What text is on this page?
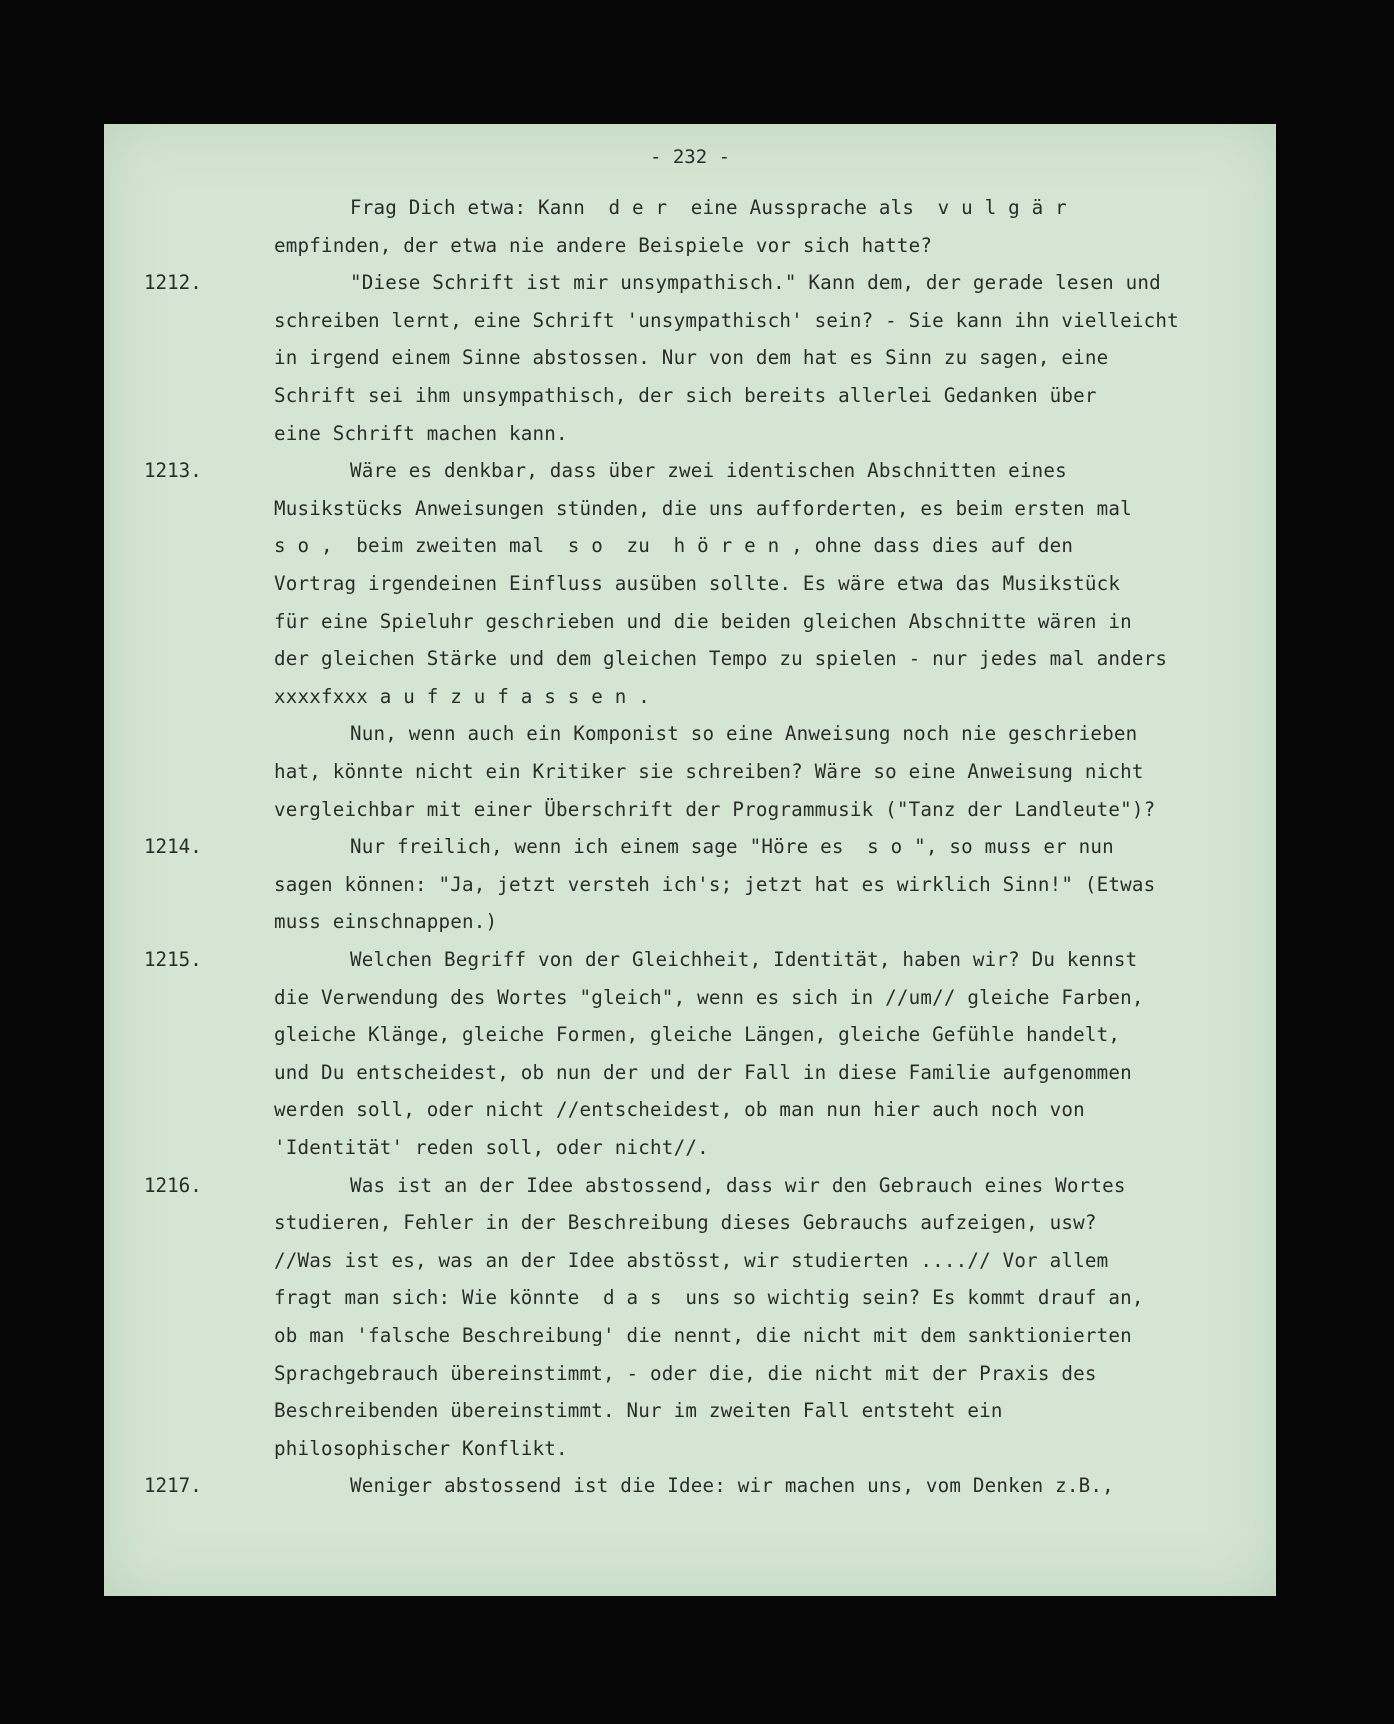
- 232 -
Frag Dich etwa: Kann  d e r  eine Aussprache als  v u l g ä r
empfinden, der etwa nie andere Beispiele vor sich hatte?
"Diese Schrift ist mir unsympathisch." Kann dem, der gerade lesen und
schreiben lernt, eine Schrift 'unsympathisch' sein? - Sie kann ihn vielleicht
in irgend einem Sinne abstossen. Nur von dem hat es Sinn zu sagen, eine
Schrift sei ihm unsympathisch, der sich bereits allerlei Gedanken über
eine Schrift machen kann.
Wäre es denkbar, dass über zwei identischen Abschnitten eines
Musikstücks Anweisungen stünden, die uns aufforderten, es beim ersten mal
s o ,  beim zweiten mal  s o  zu  h ö r e n , ohne dass dies auf den
Vortrag irgendeinen Einfluss ausüben sollte. Es wäre etwa das Musikstück
für eine Spieluhr geschrieben und die beiden gleichen Abschnitte wären in
der gleichen Stärke und dem gleichen Tempo zu spielen - nur jedes mal anders
xxxxfxxx a u f z u f a s s e n .
Nun, wenn auch ein Komponist so eine Anweisung noch nie geschrieben
hat, könnte nicht ein Kritiker sie schreiben? Wäre so eine Anweisung nicht
vergleichbar mit einer Überschrift der Programmusik ("Tanz der Landleute")?
Nur freilich, wenn ich einem sage "Höre es  s o ", so muss er nun
sagen können: "Ja, jetzt versteh ich's; jetzt hat es wirklich Sinn!" (Etwas
muss einschnappen.)
Welchen Begriff von der Gleichheit, Identität, haben wir? Du kennst
die Verwendung des Wortes "gleich", wenn es sich in //um// gleiche Farben,
gleiche Klänge, gleiche Formen, gleiche Längen, gleiche Gefühle handelt,
und Du entscheidest, ob nun der und der Fall in diese Familie aufgenommen
werden soll, oder nicht //entscheidest, ob man nun hier auch noch von
'Identität' reden soll, oder nicht//.
Was ist an der Idee abstossend, dass wir den Gebrauch eines Wortes
studieren, Fehler in der Beschreibung dieses Gebrauchs aufzeigen, usw?
//Was ist es, was an der Idee abstösst, wir studierten ....// Vor allem
fragt man sich: Wie könnte  d a s  uns so wichtig sein? Es kommt drauf an,
ob man 'falsche Beschreibung' die nennt, die nicht mit dem sanktionierten
Sprachgebrauch übereinstimmt, - oder die, die nicht mit der Praxis des
Beschreibenden übereinstimmt. Nur im zweiten Fall entsteht ein
philosophischer Konflikt.
Weniger abstossend ist die Idee: wir machen uns, vom Denken z.B.,
1212.
1213.
1214.
1215.
1216.
1217.
